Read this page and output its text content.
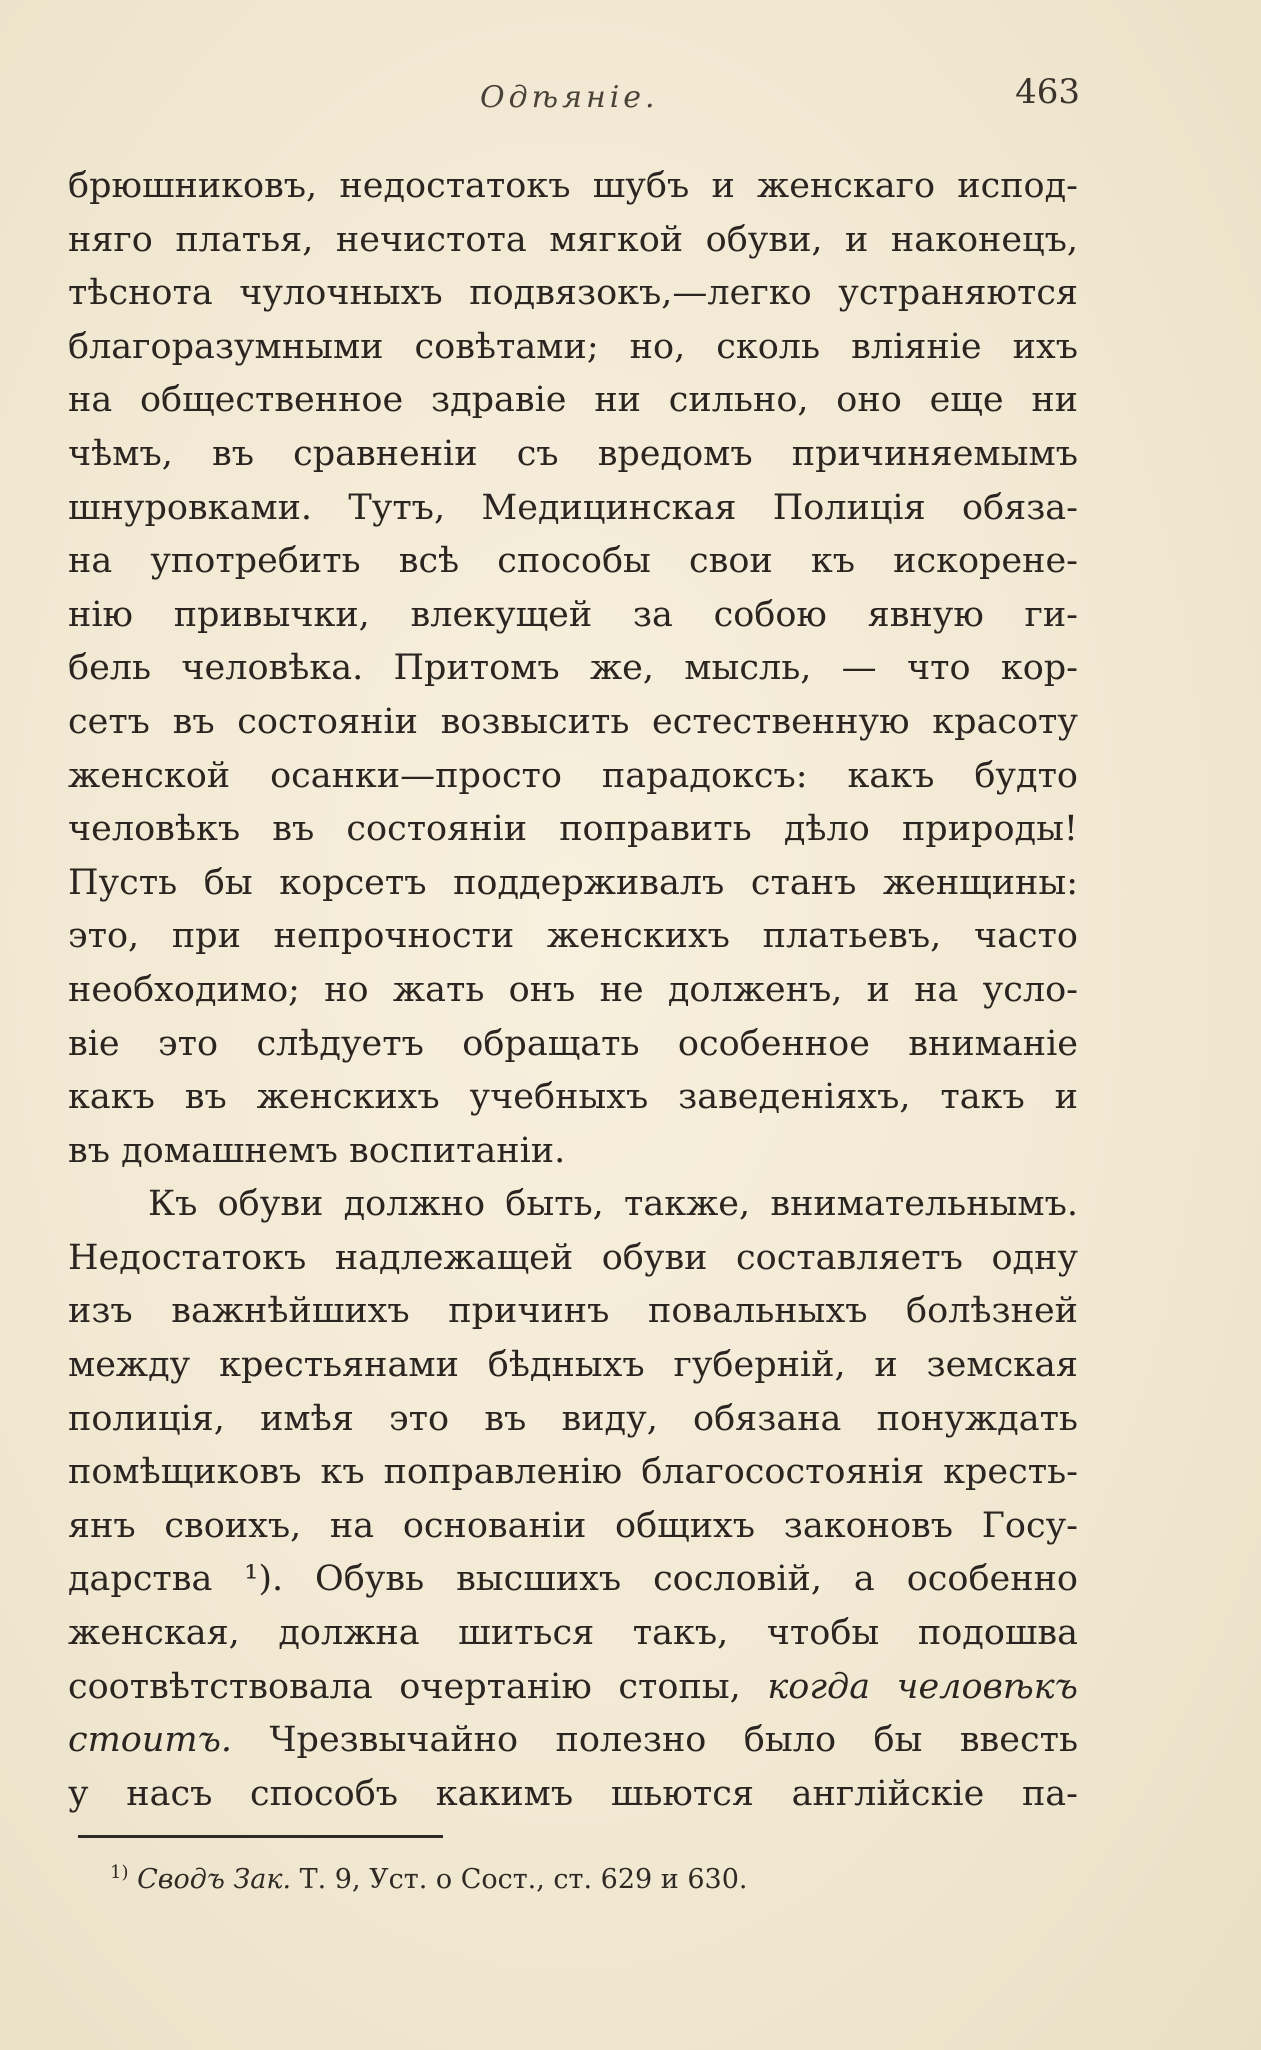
Одѣяніе.	463
брюшниковъ, недостатокъ шубъ и женскаго испод-
няго платья, нечистота мягкой обуви, и наконецъ,
тѣснота чулочныхъ подвязокъ,—легко устраняются
благоразумными совѣтами; но, сколь вліяніе ихъ
на общественное здравіе ни сильно, оно еще ни
чѣмъ, въ сравненіи съ вредомъ причиняемымъ
шнуровками. Тутъ, Медицинская Полиція обяза-
на употребить всѣ способы свои къ искорене-
нію привычки, влекущей за собою явную ги-
бель человѣка. Притомъ же, мысль, — что кор-
сетъ въ состояніи возвысить естественную красоту
женской осанки—просто парадоксъ: какъ будто
человѣкъ въ состояніи поправить дѣло природы!
Пусть бы корсетъ поддерживалъ станъ женщины:
это, при непрочности женскихъ платьевъ, часто
необходимо; но жать онъ не долженъ, и на усло-
віе это слѣдуетъ обращать особенное вниманіе
какъ въ женскихъ учебныхъ заведеніяхъ, такъ и
въ домашнемъ воспитаніи.
Къ обуви должно быть, также, внимательнымъ.
Недостатокъ надлежащей обуви составляетъ одну
изъ важнѣйшихъ причинъ повальныхъ болѣзней
между крестьянами бѣдныхъ губерній, и земская
полиція, имѣя это въ виду, обязана понуждать
помѣщиковъ къ поправленію благосостоянія кресть-
янъ своихъ, на основаніи общихъ законовъ Госу-
дарства ¹). Обувь высшихъ сословій, а особенно
женская, должна шиться такъ, чтобы подошва
соотвѣтствовала очертанію стопы, когда человѣкъ
стоитъ. Чрезвычайно полезно было бы ввесть
у насъ способъ какимъ шьются англійскіе па-
$^{1)}$ Сводъ Зак. Т. 9, Уст. о Сост., ст. 629 и 630.
